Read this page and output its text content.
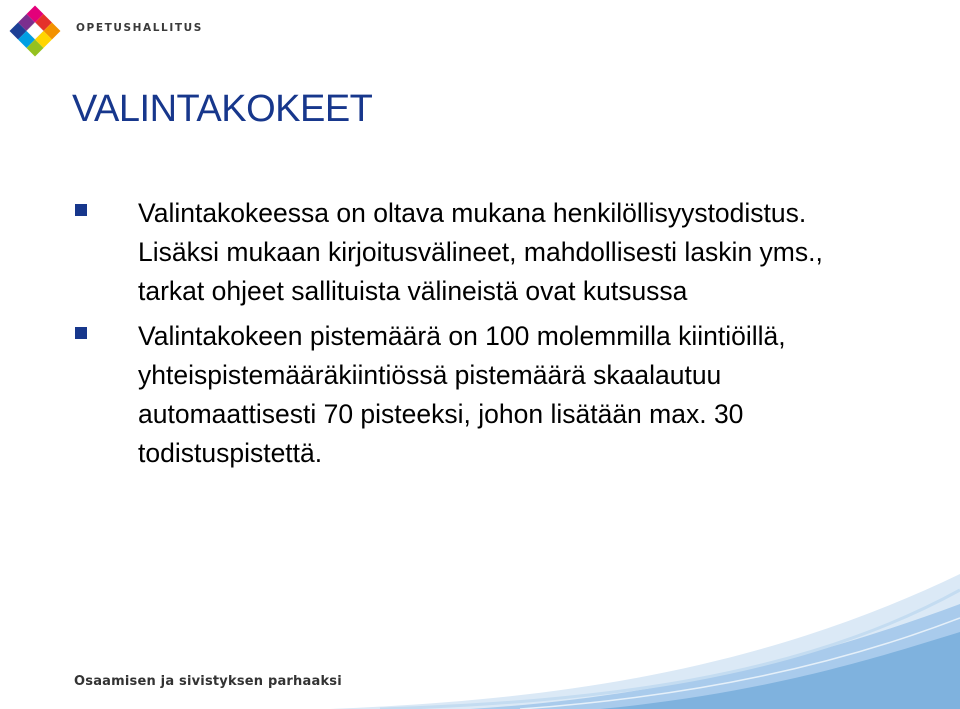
OPETUSHALLITUS
VALINTAKOKEET
Valintakokeessa on oltava mukana henkilöllisyystodistus. Lisäksi mukaan kirjoitusvälineet, mahdollisesti laskin yms., tarkat ohjeet sallituista välineistä ovat kutsussa
Valintakokeen pistemäärä on 100 molemmilla kiintiöillä, yhteispistemääräkiintiössä pistemäärä skaalautuu automaattisesti 70 pisteeksi, johon lisätään max. 30 todistuspistettä.
Osaamisen ja sivistyksen parhaaksi
